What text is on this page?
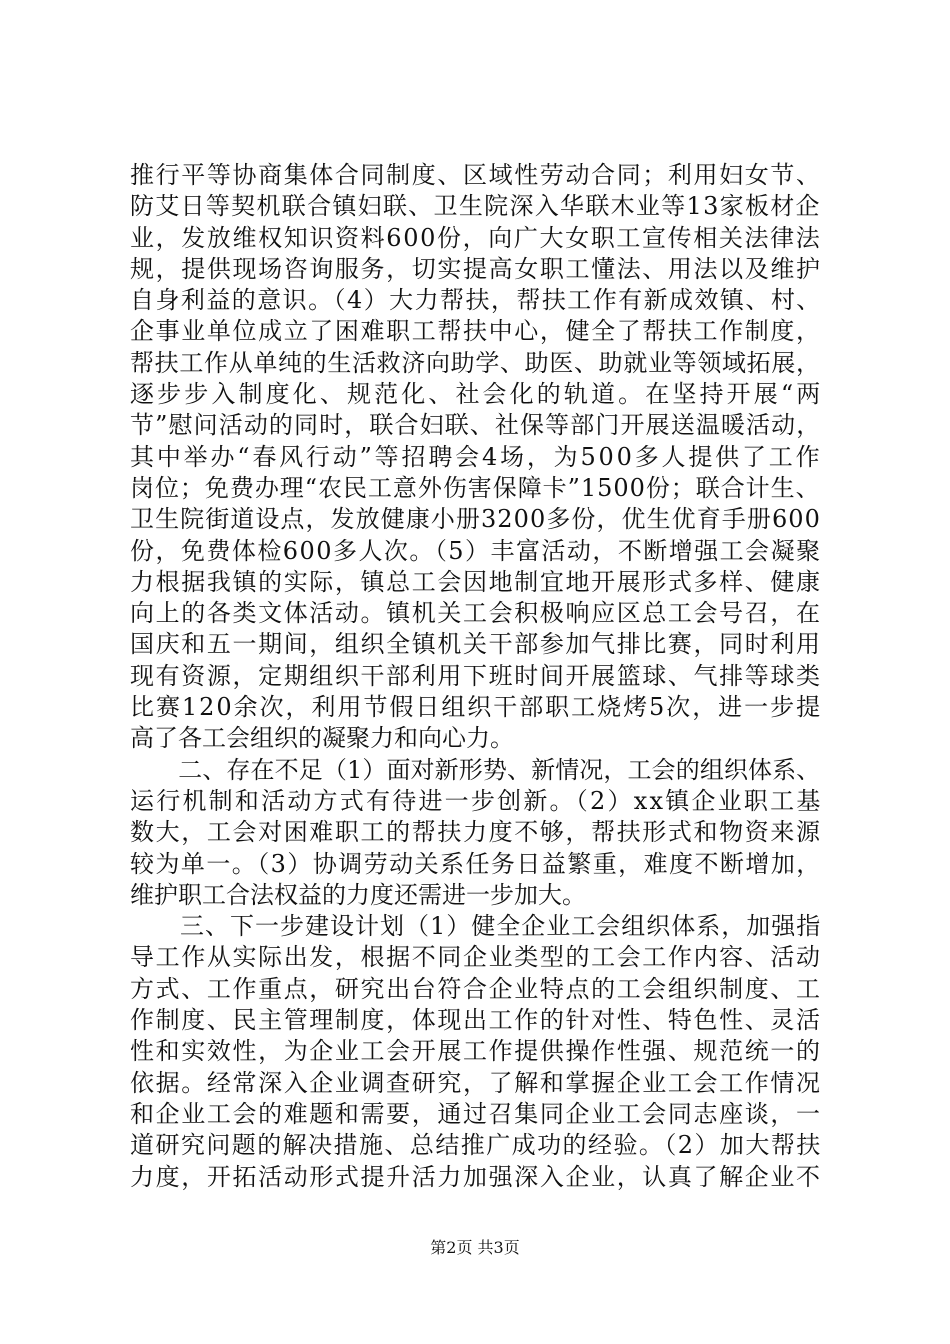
推行平等协商集体合同制度、区域性劳动合同；利用妇女节、
防艾日等契机联合镇妇联、卫生院深入华联木业等13家板材企
业，发放维权知识资料600份，向广大女职工宣传相关法律法
规，提供现场咨询服务，切实提高女职工懂法、用法以及维护
自身利益的意识。（4）大力帮扶，帮扶工作有新成效镇、村、
企事业单位成立了困难职工帮扶中心，健全了帮扶工作制度，
帮扶工作从单纯的生活救济向助学、助医、助就业等领域拓展，
逐步步入制度化、规范化、社会化的轨道。在坚持开展“两
节”慰问活动的同时，联合妇联、社保等部门开展送温暖活动，
其中举办“春风行动”等招聘会4场，为500多人提供了工作
岗位；免费办理“农民工意外伤害保障卡”1500份；联合计生、
卫生院街道设点，发放健康小册3200多份，优生优育手册600
份，免费体检600多人次。（5）丰富活动，不断增强工会凝聚
力根据我镇的实际，镇总工会因地制宜地开展形式多样、健康
向上的各类文体活动。镇机关工会积极响应区总工会号召，在
国庆和五一期间，组织全镇机关干部参加气排比赛，同时利用
现有资源，定期组织干部利用下班时间开展篮球、气排等球类
比赛120余次，利用节假日组织干部职工烧烤5次，进一步提
高了各工会组织的凝聚力和向心力。
　　二、存在不足（1）面对新形势、新情况，工会的组织体系、
运行机制和活动方式有待进一步创新。（2）xx镇企业职工基
数大，工会对困难职工的帮扶力度不够，帮扶形式和物资来源
较为单一。（3）协调劳动关系任务日益繁重，难度不断增加，
维护职工合法权益的力度还需进一步加大。
　　三、下一步建设计划（1）健全企业工会组织体系，加强指
导工作从实际出发，根据不同企业类型的工会工作内容、活动
方式、工作重点，研究出台符合企业特点的工会组织制度、工
作制度、民主管理制度，体现出工作的针对性、特色性、灵活
性和实效性，为企业工会开展工作提供操作性强、规范统一的
依据。经常深入企业调查研究，了解和掌握企业工会工作情况
和企业工会的难题和需要，通过召集同企业工会同志座谈，一
道研究问题的解决措施、总结推广成功的经验。（2）加大帮扶
力度，开拓活动形式提升活力加强深入企业，认真了解企业不
第2页 共3页
